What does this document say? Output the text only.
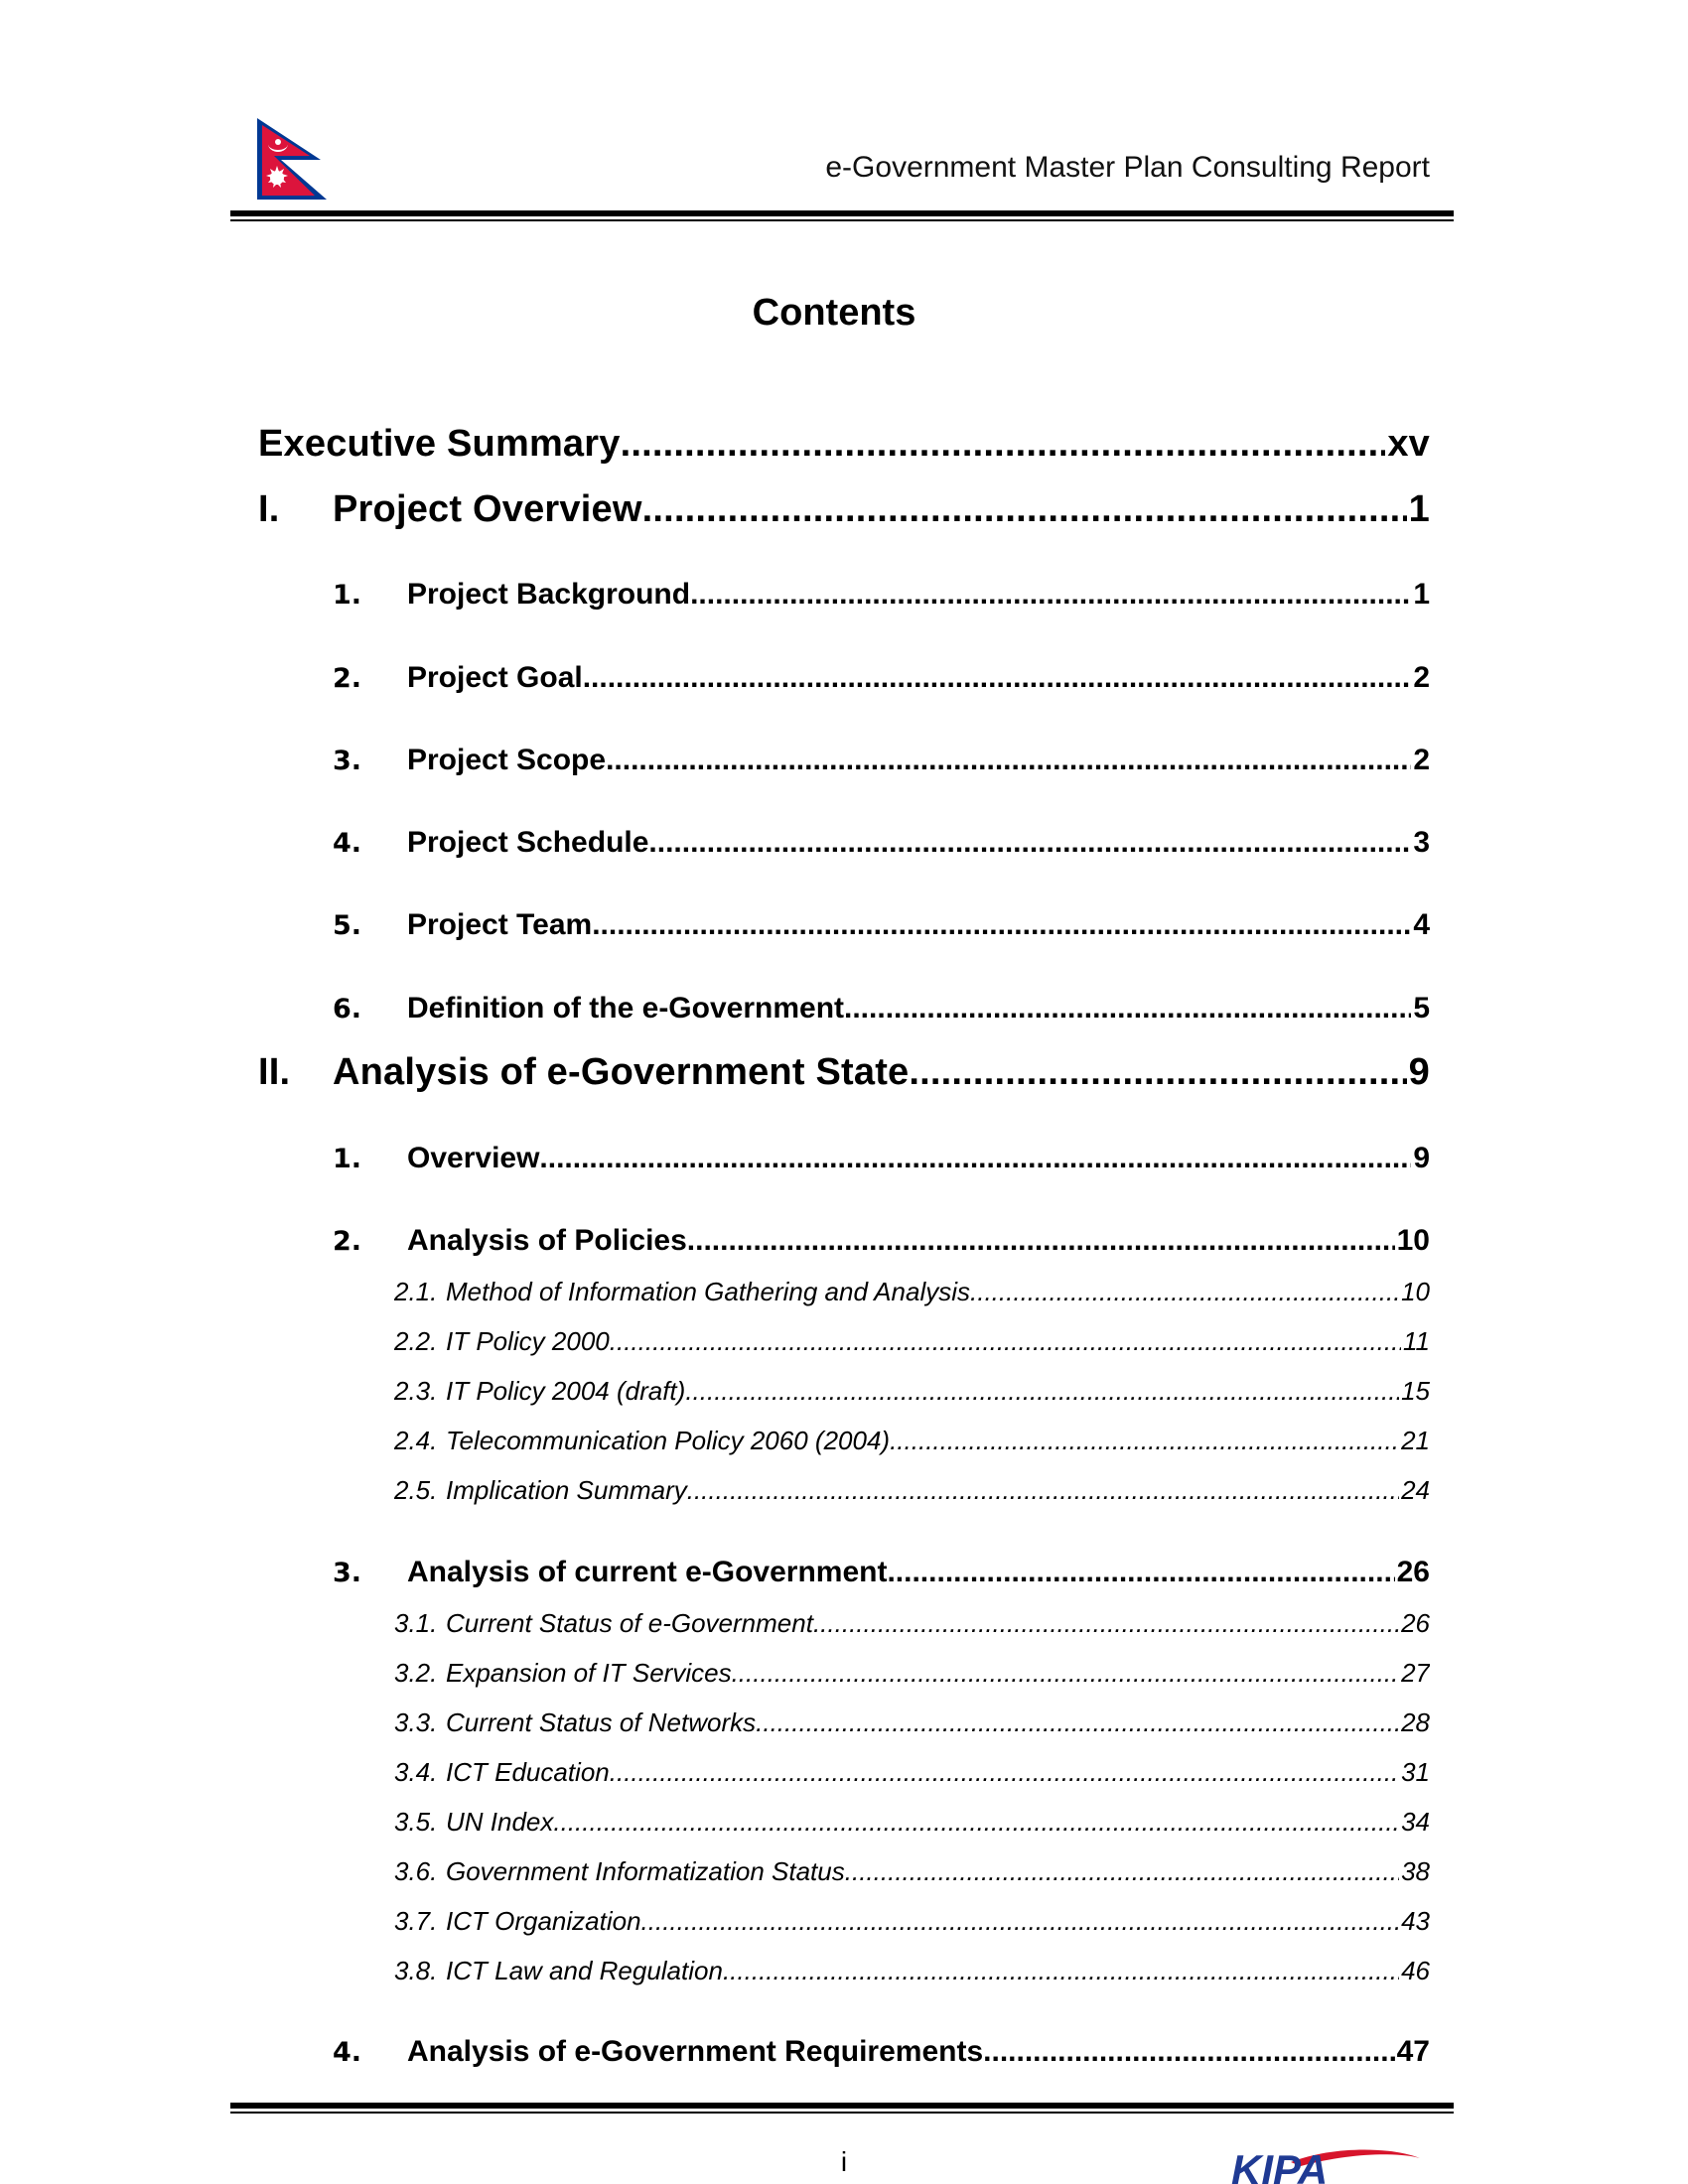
e-Government Master Plan Consulting Report
Contents
Executive Summary .....	xv
I.	Project Overview .....	1
1.	Project Background .....	1
2.	Project Goal .....	2
3.	Project Scope .....	2
4.	Project Schedule .....	3
5.	Project Team .....	4
6.	Definition of the e-Government .....	5
II.	Analysis of e-Government State .....	9
1.	Overview .....	9
2.	Analysis of Policies .....	10
2.1. Method of Information Gathering and Analysis .....	10
2.2. IT Policy 2000 .....	11
2.3. IT Policy 2004 (draft) .....	15
2.4. Telecommunication Policy 2060 (2004) .....	21
2.5. Implication Summary .....	24
3.	Analysis of current e-Government .....	26
3.1. Current Status of e-Government .....	26
3.2. Expansion of IT Services .....	27
3.3. Current Status of Networks .....	28
3.4. ICT Education .....	31
3.5. UN Index .....	34
3.6. Government Informatization Status .....	38
3.7. ICT Organization .....	43
3.8. ICT Law and Regulation .....	46
4.	Analysis of e-Government Requirements .....	47
i	KIPA
